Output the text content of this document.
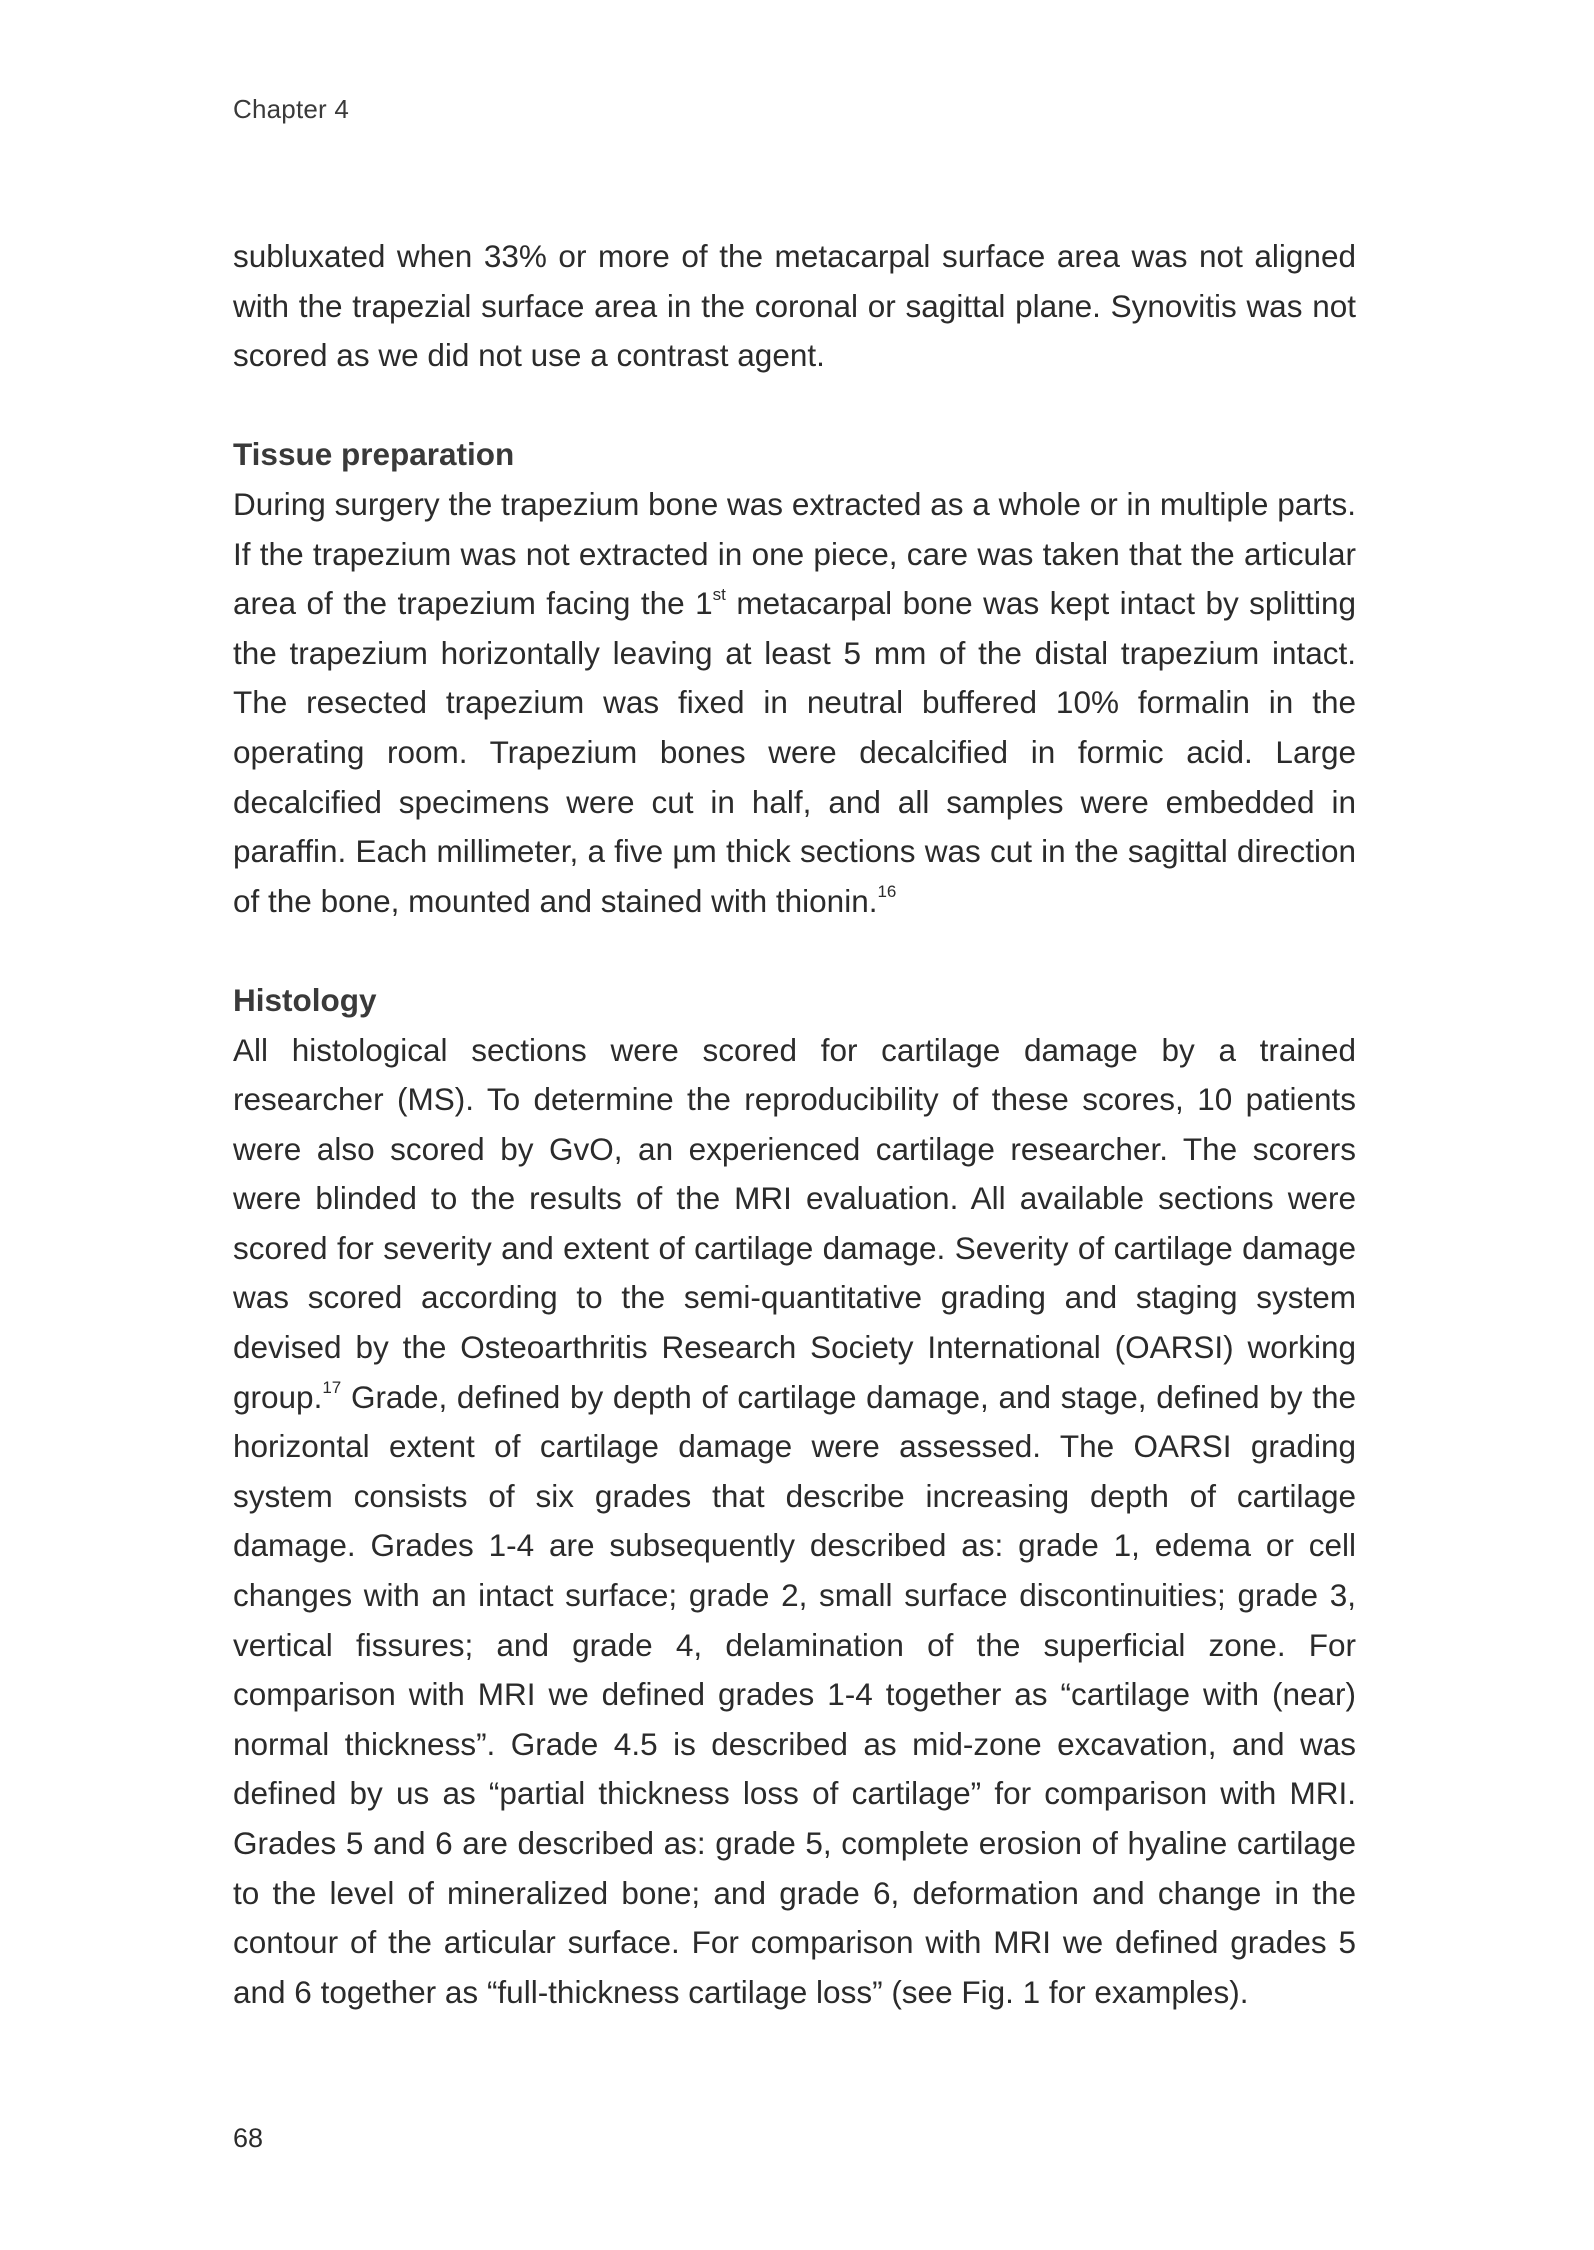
Chapter 4

subluxated when 33% or more of the metacarpal surface area was not aligned with the trapezial surface area in the coronal or sagittal plane. Synovitis was not scored as we did not use a contrast agent.

Tissue preparation

During surgery the trapezium bone was extracted as a whole or in multiple parts. If the trapezium was not extracted in one piece, care was taken that the articular area of the trapezium facing the 1st metacarpal bone was kept intact by splitting the trapezium horizontally leaving at least 5 mm of the distal trapezium intact. The resected trapezium was fixed in neutral buffered 10% formalin in the operating room. Trapezium bones were decalcified in formic acid. Large decalcified specimens were cut in half, and all samples were embedded in paraffin. Each millimeter, a five µm thick sections was cut in the sagittal direction of the bone, mounted and stained with thionin.$^{16}$

Histology

All histological sections were scored for cartilage damage by a trained researcher (MS). To determine the reproducibility of these scores, 10 patients were also scored by GvO, an experienced cartilage researcher. The scorers were blinded to the results of the MRI evaluation. All available sections were scored for severity and extent of cartilage damage. Severity of cartilage damage was scored according to the semi-quantitative grading and staging system devised by the Osteoarthritis Research Society International (OARSI) working group.$^{17}$ Grade, defined by depth of cartilage damage, and stage, defined by the horizontal extent of cartilage damage were assessed. The OARSI grading system consists of six grades that describe increasing depth of cartilage damage. Grades 1-4 are subsequently described as: grade 1, edema or cell changes with an intact surface; grade 2, small surface discontinuities; grade 3, vertical fissures; and grade 4, delamination of the superficial zone. For comparison with MRI we defined grades 1-4 together as “cartilage with (near) normal thickness”. Grade 4.5 is described as mid-zone excavation, and was defined by us as “partial thickness loss of cartilage” for comparison with MRI. Grades 5 and 6 are described as: grade 5, complete erosion of hyaline cartilage to the level of mineralized bone; and grade 6, deformation and change in the contour of the articular surface. For comparison with MRI we defined grades 5 and 6 together as “full-thickness cartilage loss” (see Fig. 1 for examples).

68
